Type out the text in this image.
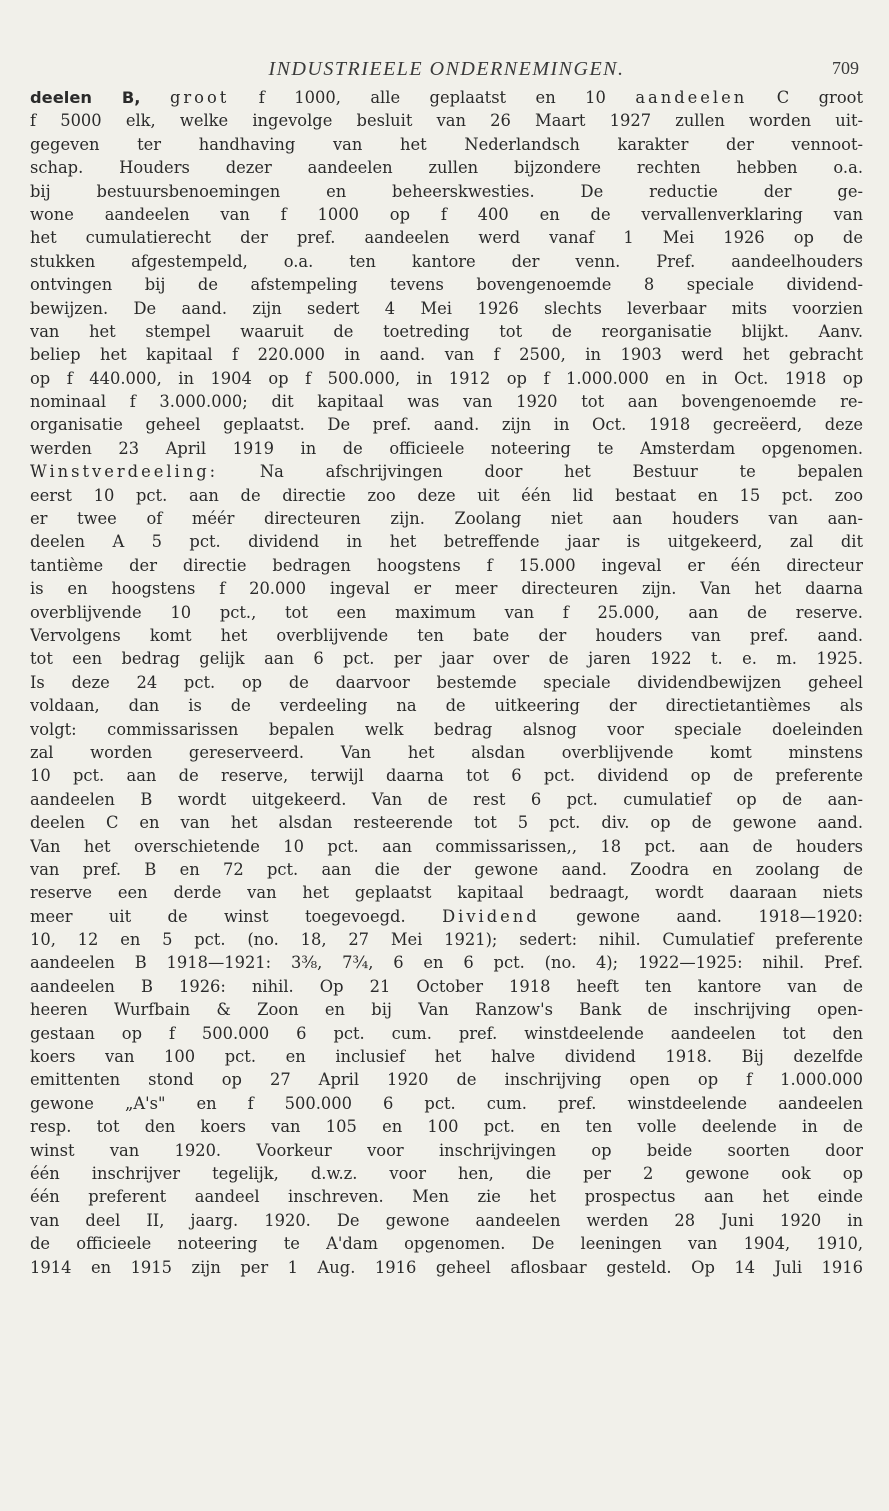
INDUSTRIEELE ONDERNEMINGEN.	709
deelen B, groot f 1000, alle geplaatst en 10 aandeelen C groot
f 5000 elk, welke ingevolge besluit van 26 Maart 1927 zullen worden uit-
gegeven ter handhaving van het Nederlandsch karakter der vennoot-
schap. Houders dezer aandeelen zullen bijzondere rechten hebben o.a.
bij bestuursbenoemingen en beheerskwesties. De reductie der ge-
wone aandeelen van f 1000 op f 400 en de vervallenverklaring van
het cumulatierecht der pref. aandeelen werd vanaf 1 Mei 1926 op de
stukken afgestempeld, o.a. ten kantore der venn. Pref. aandeelhouders
ontvingen bij de afstempeling tevens bovengenoemde 8 speciale dividend-
bewijzen. De aand. zijn sedert 4 Mei 1926 slechts leverbaar mits voorzien
van het stempel waaruit de toetreding tot de reorganisatie blijkt. Aanv.
beliep het kapitaal f 220.000 in aand. van f 2500, in 1903 werd het gebracht
op f 440.000, in 1904 op f 500.000, in 1912 op f 1.000.000 en in Oct. 1918 op
nominaal f 3.000.000; dit kapitaal was van 1920 tot aan bovengenoemde re-
organisatie geheel geplaatst. De pref. aand. zijn in Oct. 1918 gecreëerd, deze
werden 23 April 1919 in de officieele noteering te Amsterdam opgenomen.
Winstverdeeling:	Na afschrijvingen door het Bestuur te bepalen
eerst 10 pct. aan de directie zoo deze uit één lid bestaat en 15 pct. zoo
er twee of méér directeuren zijn. Zoolang niet aan houders van aan-
deelen A 5 pct. dividend in het betreffende jaar is uitgekeerd, zal dit
tantième der directie bedragen hoogstens f 15.000 ingeval er één directeur
is en hoogstens f 20.000 ingeval er meer directeuren zijn. Van het daarna
overblijvende 10 pct., tot een maximum van f 25.000, aan de reserve.
Vervolgens komt het overblijvende ten bate der houders van pref. aand.
tot een bedrag gelijk aan 6 pct. per jaar over de jaren 1922 t. e. m. 1925.
Is deze 24 pct. op de daarvoor bestemde speciale dividendbewijzen geheel
voldaan, dan is de verdeeling na de uitkeering der directietantièmes als
volgt: commissarissen bepalen welk bedrag alsnog voor speciale doeleinden
zal worden gereserveerd. Van het alsdan overblijvende komt minstens
10 pct. aan de reserve, terwijl daarna tot 6 pct. dividend op de preferente
aandeelen B wordt uitgekeerd. Van de rest 6 pct. cumulatief op de aan-
deelen C en van het alsdan resteerende tot 5 pct. div. op de gewone aand.
Van het overschietende 10 pct. aan commissarissen,, 18 pct. aan de houders
van pref. B en 72 pct. aan die der gewone aand. Zoodra en zoolang de
reserve een derde van het geplaatst kapitaal bedraagt, wordt daaraan niets
meer uit de winst toegevoegd. Dividend gewone aand. 1918—1920:
10, 12 en 5 pct. (no. 18, 27 Mei 1921); sedert: nihil. Cumulatief preferente
aandeelen B 1918—1921: 3⅜, 7¾, 6 en 6 pct. (no. 4); 1922—1925: nihil. Pref.
aandeelen B 1926: nihil. Op 21 October 1918 heeft ten kantore van de
heeren Wurfbain & Zoon en bij Van Ranzow's Bank de inschrijving open-
gestaan op f 500.000 6 pct. cum. pref. winstdeelende aandeelen tot den
koers van 100 pct. en inclusief het halve dividend 1918. Bij dezelfde
emittenten stond op 27 April 1920 de inschrijving open op f 1.000.000
gewone „A's" en f 500.000 6 pct. cum. pref. winstdeelende aandeelen
resp. tot den koers van 105 en 100 pct. en ten volle deelende in de
winst van 1920. Voorkeur voor inschrijvingen op beide soorten door
één inschrijver tegelijk, d.w.z. voor hen, die per 2 gewone ook op
één preferent aandeel inschreven. Men zie het prospectus aan het einde
van deel II, jaarg. 1920. De gewone aandeelen werden 28 Juni 1920 in
de officieele noteering te A'dam opgenomen. De leeningen van 1904, 1910,
1914 en 1915 zijn per 1 Aug. 1916 geheel aflosbaar gesteld. Op 14 Juli 1916
